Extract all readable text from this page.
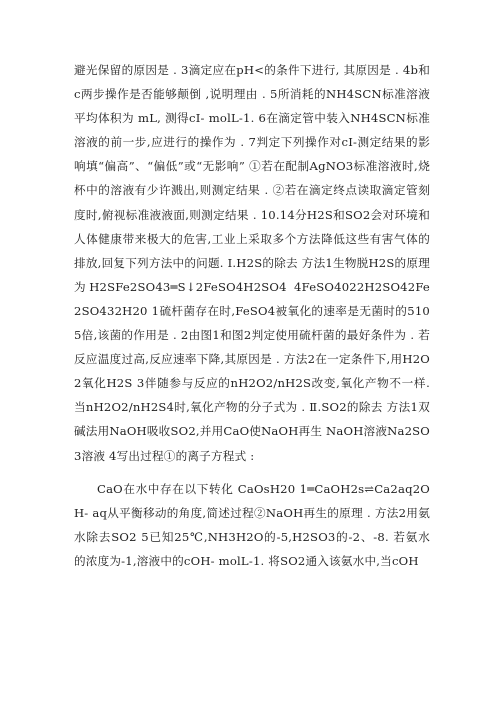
避光保留的原因是 . 3滴定应在pH<的条件下进行, 其原因是 . 4b和c两步操作是否能够颠倒 ,说明理由 . 5所消耗的NH4SCN标准溶液平均体积为 mL, 测得cI- molL-1. 6在滴定管中装入NH4SCN标准溶液的前一步,应进行的操作为 . 7判定下列操作对cI-测定结果的影响填“偏高”、“偏低”或“无影响” ①若在配制AgNO3标准溶液时,烧杯中的溶液有少许溅出,则测定结果 . ②若在滴定终点读取滴定管刻度时,俯视标准液液面,则测定结果 . 10.14分H2S和SO2会对环境和人体健康带来极大的危害,工业上采取多个方法降低这些有害气体的排放,回复下列方法中的问题. Ⅰ.H2S的除去 方法1生物脱H2S的原理为H2SFe2SO43═S↓2FeSO4H2SO4 4FeSO4022H2SO42Fe2SO432H20 1硫杆菌存在时,FeSO4被氧化的速率是无菌时的5105倍,该菌的作用是 . 2由图1和图2判定使用硫杆菌的最好条件为 . 若反应温度过高,反应速率下降,其原因是 . 方法2在一定条件下,用H2O2氧化H2S 3伴随参与反应的nH2O2/nH2S改变,氧化产物不一样. 当nH2O2/nH2S4时,氧化产物的分子式为 . Ⅱ.SO2的除去 方法1双碱法用NaOH吸收SO2,并用CaO使NaOH再生 NaOH溶液Na2SO3溶液 4写出过程①的离子方程式 :

CaO在水中存在以下转化 CaOsH20 1═CaOH2s⇌Ca2aq2OH- aq从平衡移动的角度,简述过程②NaOH再生的原理 . 方法2用氨水除去SO2 5已知25℃,NH3H2O的-5,H2SO3的-2、-8. 若氨水的浓度为-1,溶液中的cOH- molL-1. 将SO2通入该氨水中,当cOH
